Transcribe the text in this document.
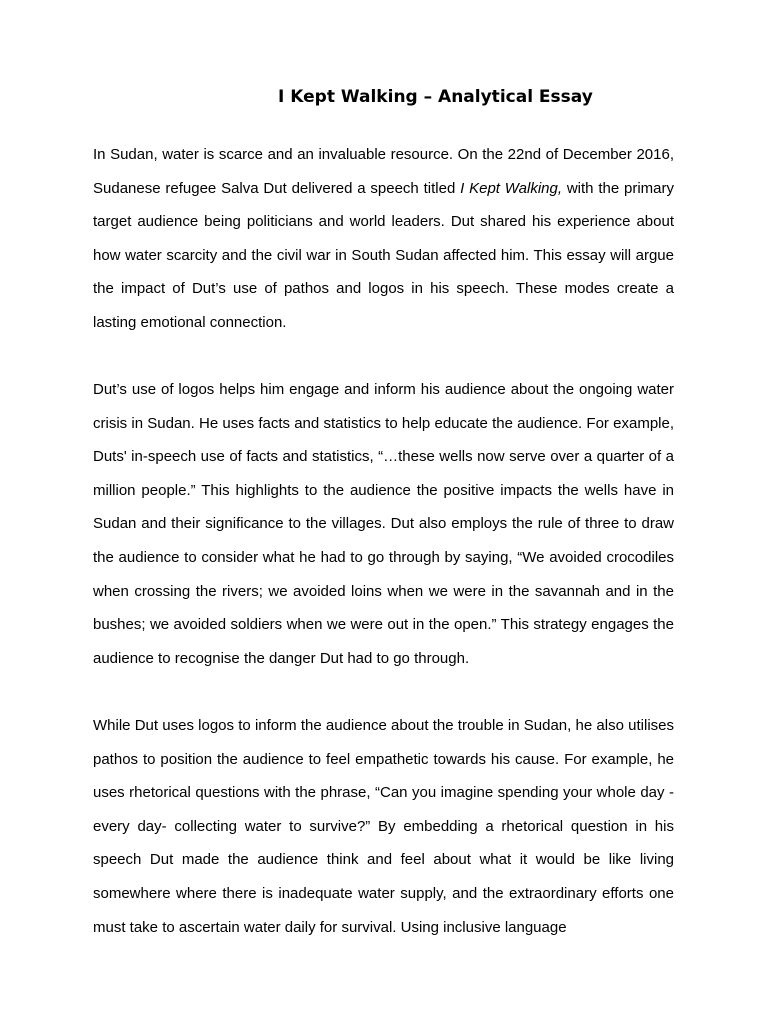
I Kept Walking – Analytical Essay

In Sudan, water is scarce and an invaluable resource. On the 22nd of December 2016, Sudanese refugee Salva Dut delivered a speech titled I Kept Walking, with the primary target audience being politicians and world leaders. Dut shared his experience about how water scarcity and the civil war in South Sudan affected him. This essay will argue the impact of Dut’s use of pathos and logos in his speech. These modes create a lasting emotional connection.

Dut’s use of logos helps him engage and inform his audience about the ongoing water crisis in Sudan. He uses facts and statistics to help educate the audience. For example, Duts' in-speech use of facts and statistics, “…these wells now serve over a quarter of a million people.” This highlights to the audience the positive impacts the wells have in Sudan and their significance to the villages. Dut also employs the rule of three to draw the audience to consider what he had to go through by saying, “We avoided crocodiles when crossing the rivers; we avoided loins when we were in the savannah and in the bushes; we avoided soldiers when we were out in the open.” This strategy engages the audience to recognise the danger Dut had to go through.

While Dut uses logos to inform the audience about the trouble in Sudan, he also utilises pathos to position the audience to feel empathetic towards his cause. For example, he uses rhetorical questions with the phrase, “Can you imagine spending your whole day -every day- collecting water to survive?” By embedding a rhetorical question in his speech Dut made the audience think and feel about what it would be like living somewhere where there is inadequate water supply, and the extraordinary efforts one must take to ascertain water daily for survival. Using inclusive language
